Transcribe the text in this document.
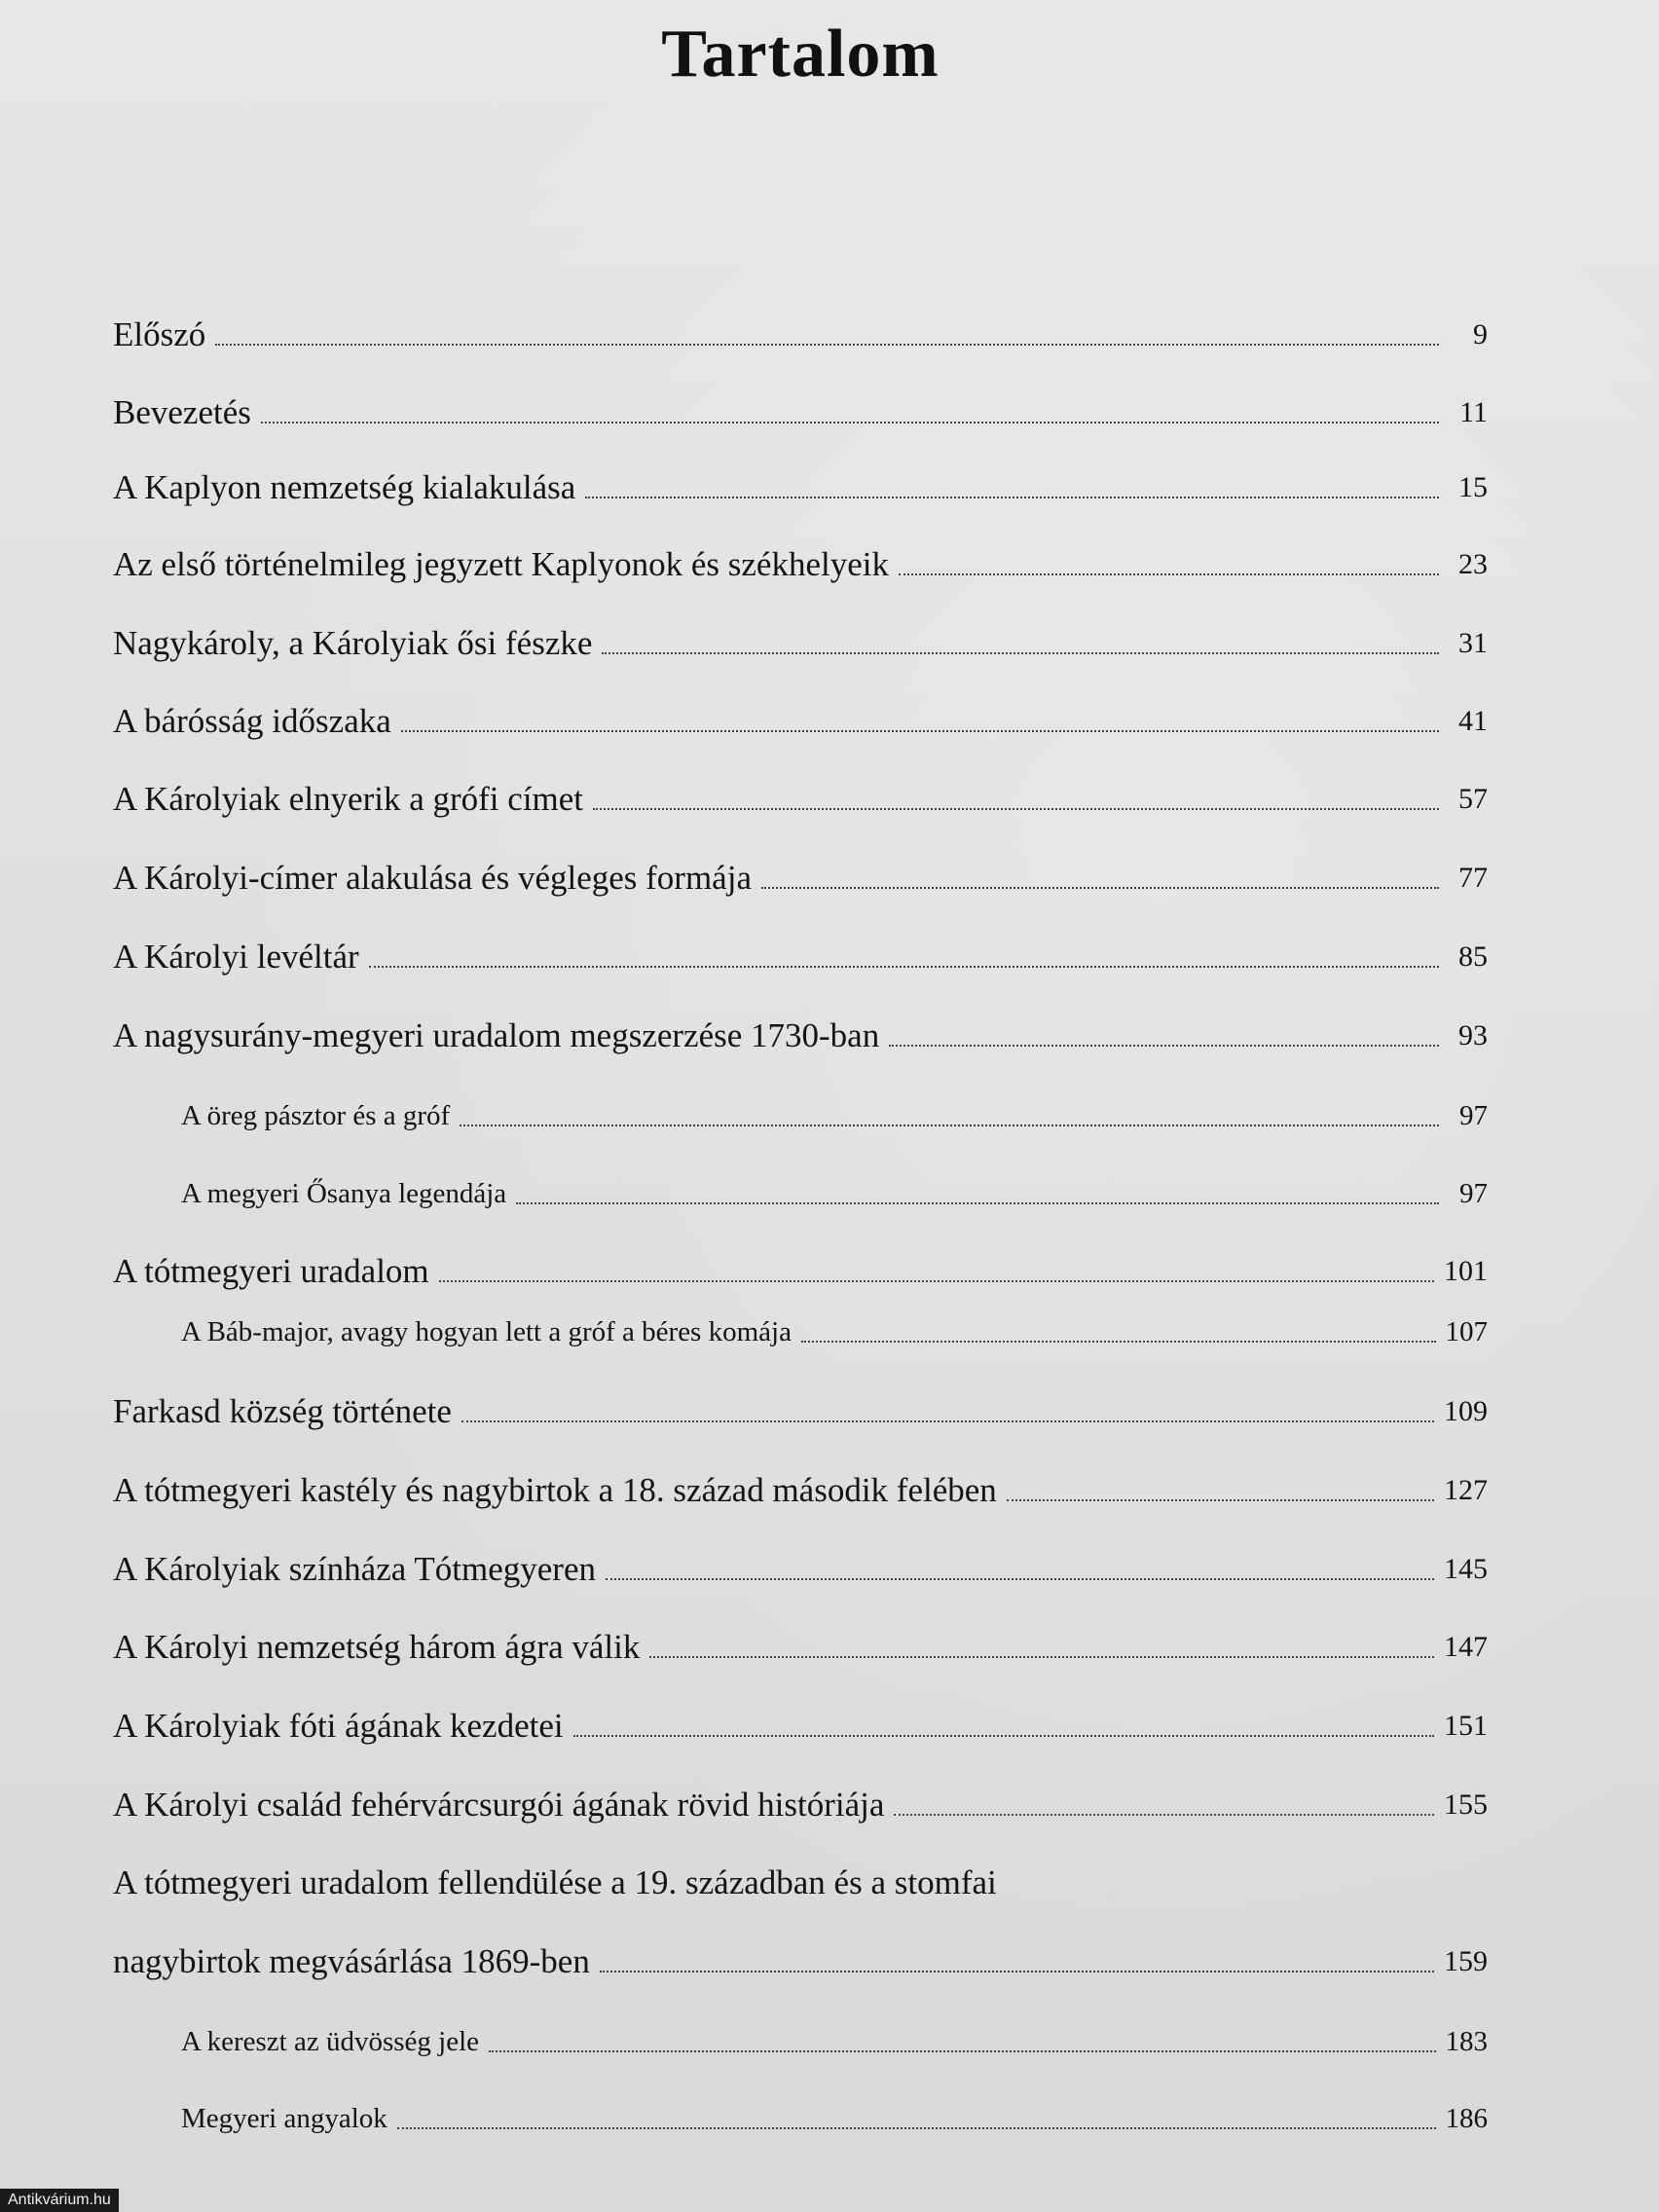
Tartalom
Előszó	9
Bevezetés	11
A Kaplyon nemzetség kialakulása	15
Az első történelmileg jegyzett Kaplyonok és székhelyeik	23
Nagykároly, a Károlyiak ősi fészke	31
A bárósság időszaka	41
A Károlyiak elnyerik a grófi címet	57
A Károlyi-címer alakulása és végleges formája	77
A Károlyi levéltár	85
A nagysurány-megyeri uradalom megszerzése 1730-ban	93
A öreg pásztor és a gróf	97
A megyeri Ősanya legendája	97
A tótmegyeri uradalom	101
A Báb-major, avagy hogyan lett a gróf a béres komája	107
Farkasd község története	109
A tótmegyeri kastély és nagybirtok a 18. század második felében	127
A Károlyiak színháza Tótmegyeren	145
A Károlyi nemzetség három ágra válik	147
A Károlyiak fóti ágának kezdetei	151
A Károlyi család fehérvárcsurgói ágának rövid históriája	155
A tótmegyeri uradalom fellendülése a 19. században és a stomfai
nagybirtok megvásárlása 1869-ben	159
A kereszt az üdvösség jele	183
Megyeri angyalok	186
Antikvárium.hu
